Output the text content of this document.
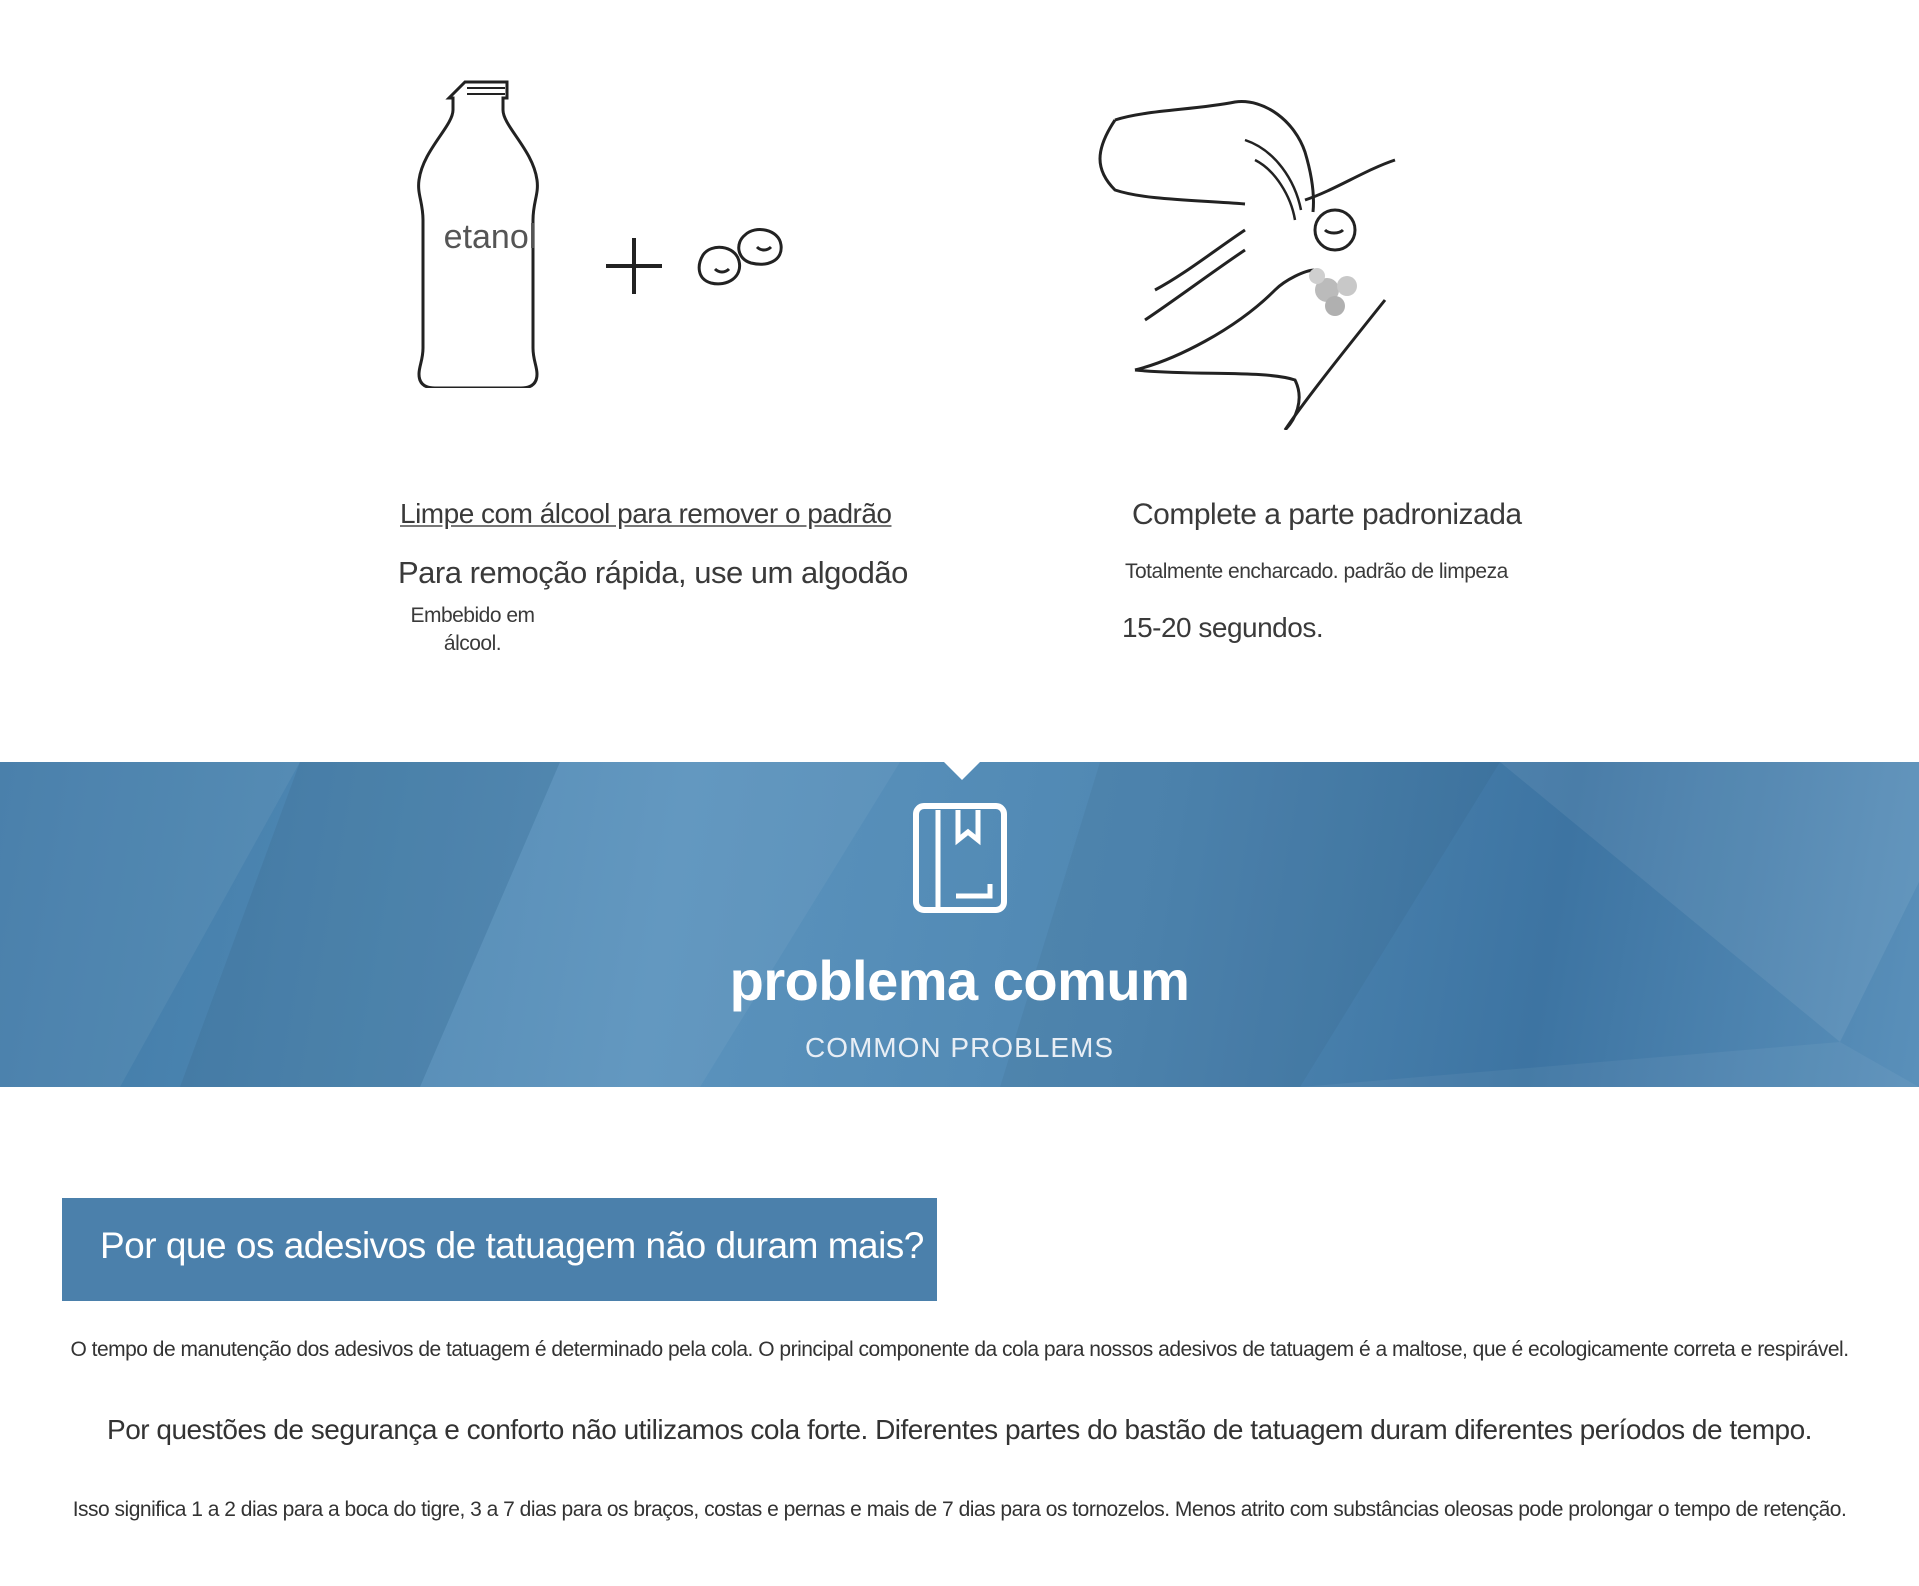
etanol
Limpe com álcool para remover o padrão
Para remoção rápida, use um algodão
Embebido em álcool.
Complete a parte padronizada
Totalmente encharcado. padrão de limpeza
15-20 segundos.
problema comum
COMMON PROBLEMS
Por que os adesivos de tatuagem não duram mais?
O tempo de manutenção dos adesivos de tatuagem é determinado pela cola. O principal componente da cola para nossos adesivos de tatuagem é a maltose, que é ecologicamente correta e respirável.
Por questões de segurança e conforto não utilizamos cola forte. Diferentes partes do bastão de tatuagem duram diferentes períodos de tempo.
Isso significa 1 a 2 dias para a boca do tigre, 3 a 7 dias para os braços, costas e pernas e mais de 7 dias para os tornozelos. Menos atrito com substâncias oleosas pode prolongar o tempo de retenção.
